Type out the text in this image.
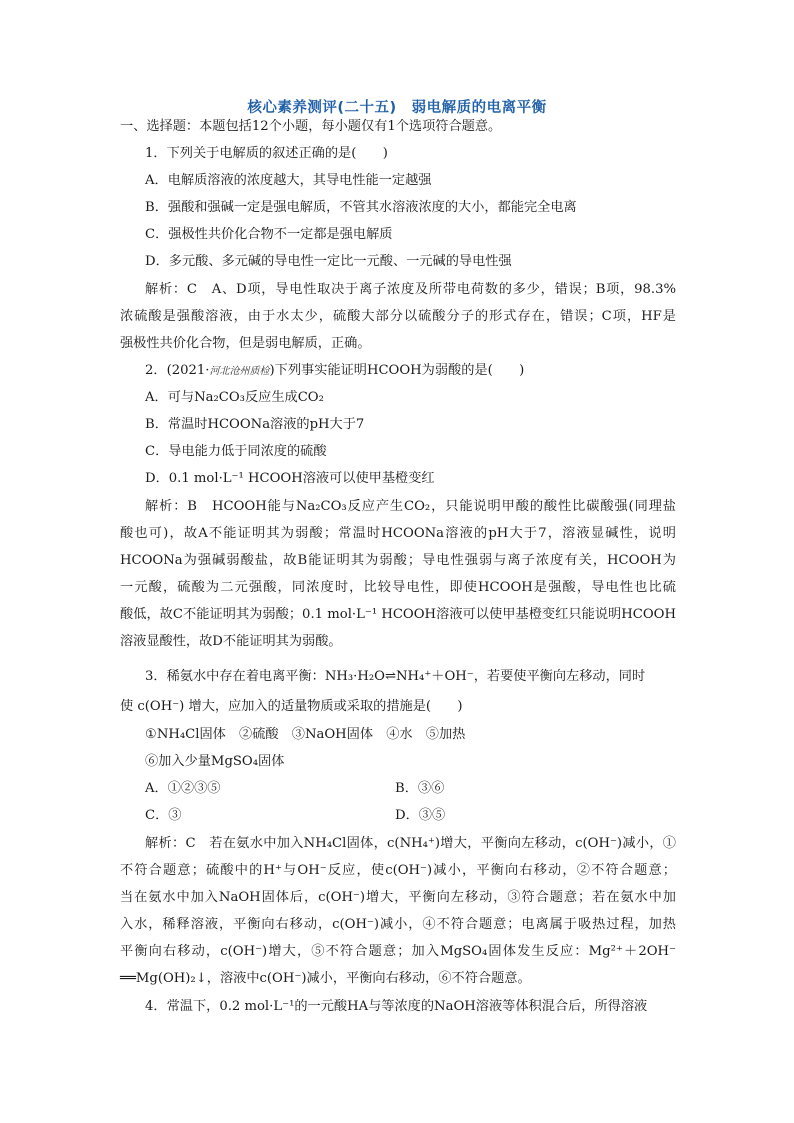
核心素养测评(二十五)　弱电解质的电离平衡
一、选择题：本题包括12个小题，每小题仅有1个选项符合题意。
1．下列关于电解质的叙述正确的是(　　)
A．电解质溶液的浓度越大，其导电性能一定越强
B．强酸和强碱一定是强电解质，不管其水溶液浓度的大小，都能完全电离
C．强极性共价化合物不一定都是强电解质
D．多元酸、多元碱的导电性一定比一元酸、一元碱的导电性强
解析：C　A、D项，导电性取决于离子浓度及所带电荷数的多少，错误；B项，98.3%
浓硫酸是强酸溶液，由于水太少，硫酸大部分以硫酸分子的形式存在，错误；C项，HF是
强极性共价化合物，但是弱电解质，正确。
2．(2021·河北沧州质检)下列事实能证明HCOOH为弱酸的是(　　)
A．可与Na₂CO₃反应生成CO₂
B．常温时HCOONa溶液的pH大于7
C．导电能力低于同浓度的硫酸
D．0.1 mol·L⁻¹ HCOOH溶液可以使甲基橙变红
解析：B　HCOOH能与Na₂CO₃反应产生CO₂，只能说明甲酸的酸性比碳酸强(同理盐
酸也可)，故A不能证明其为弱酸；常温时HCOONa溶液的pH大于7，溶液显碱性，说明
HCOONa为强碱弱酸盐，故B能证明其为弱酸；导电性强弱与离子浓度有关，HCOOH为
一元酸，硫酸为二元强酸，同浓度时，比较导电性，即使HCOOH是强酸，导电性也比硫
酸低，故C不能证明其为弱酸；0.1 mol·L⁻¹ HCOOH溶液可以使甲基橙变红只能说明HCOOH
溶液显酸性，故D不能证明其为弱酸。
3．稀氨水中存在着电离平衡：NH₃·H₂O⇌NH₄⁺＋OH⁻，若要使平衡向左移动，同时
使 c(OH⁻) 增大，应加入的适量物质或采取的措施是(　　)
①NH₄Cl固体　②硫酸　③NaOH固体　④水　⑤加热
⑥加入少量MgSO₄固体
A．①②③⑤	B．③⑥
C．③	D．③⑤
解析：C　若在氨水中加入NH₄Cl固体，c(NH₄⁺)增大，平衡向左移动，c(OH⁻)减小，①
不符合题意；硫酸中的H⁺与OH⁻反应，使c(OH⁻)减小，平衡向右移动，②不符合题意；
当在氨水中加入NaOH固体后，c(OH⁻)增大，平衡向左移动，③符合题意；若在氨水中加
入水，稀释溶液，平衡向右移动，c(OH⁻)减小，④不符合题意；电离属于吸热过程，加热
平衡向右移动，c(OH⁻)增大，⑤不符合题意；加入MgSO₄固体发生反应：Mg²⁺＋2OH⁻
══Mg(OH)₂↓，溶液中c(OH⁻)减小，平衡向右移动，⑥不符合题意。
4．常温下，0.2 mol·L⁻¹的一元酸HA与等浓度的NaOH溶液等体积混合后，所得溶液
